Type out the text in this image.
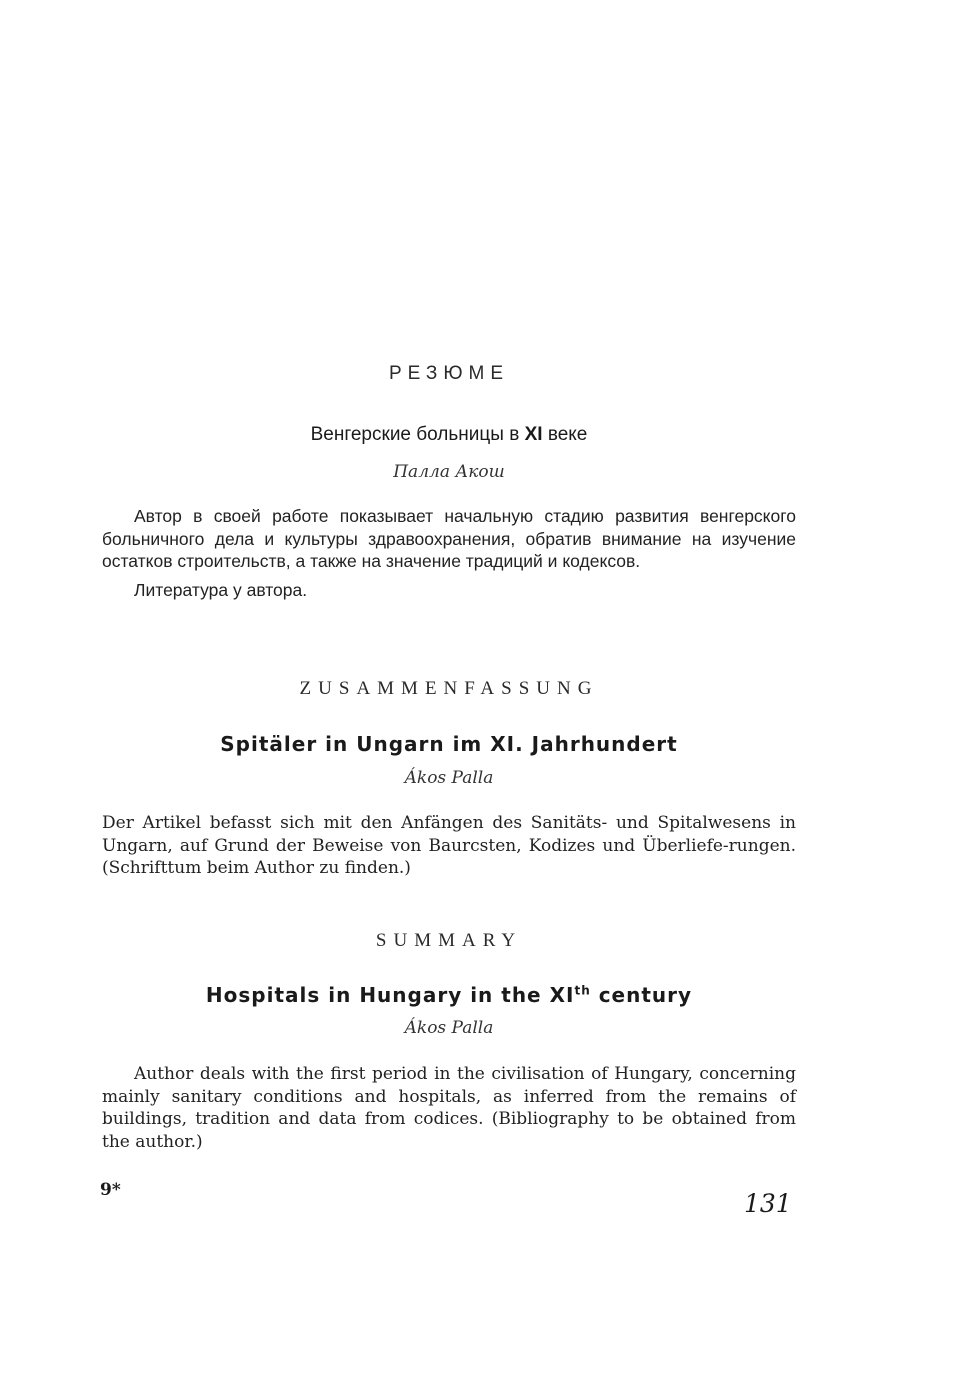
РЕЗЮМЕ
Венгерские больницы в XI веке
Палла Акош

Автор в своей работе показывает начальную стадию развития венгерского больничного дела и культуры здравоохранения, обратив внимание на изучение остатков строительств, а также на значение традиций и кодексов.

Литература у автора.

ZUSAMMENFASSUNG
Spitäler in Ungarn im XI. Jahrhundert
Ákos Palla

Der Artikel befasst sich mit den Anfängen des Sanitäts- und Spitalwesens in Ungarn, auf Grund der Beweise von Baurcsten, Kodizes und Überliefe-rungen. (Schrifttum beim Author zu finden.)

SUMMARY
Hospitals in Hungary in the XIth century
Ákos Palla

Author deals with the first period in the civilisation of Hungary, concerning mainly sanitary conditions and hospitals, as inferred from the remains of buildings, tradition and data from codices. (Bibliography to be obtained from the author.)

9*	131
